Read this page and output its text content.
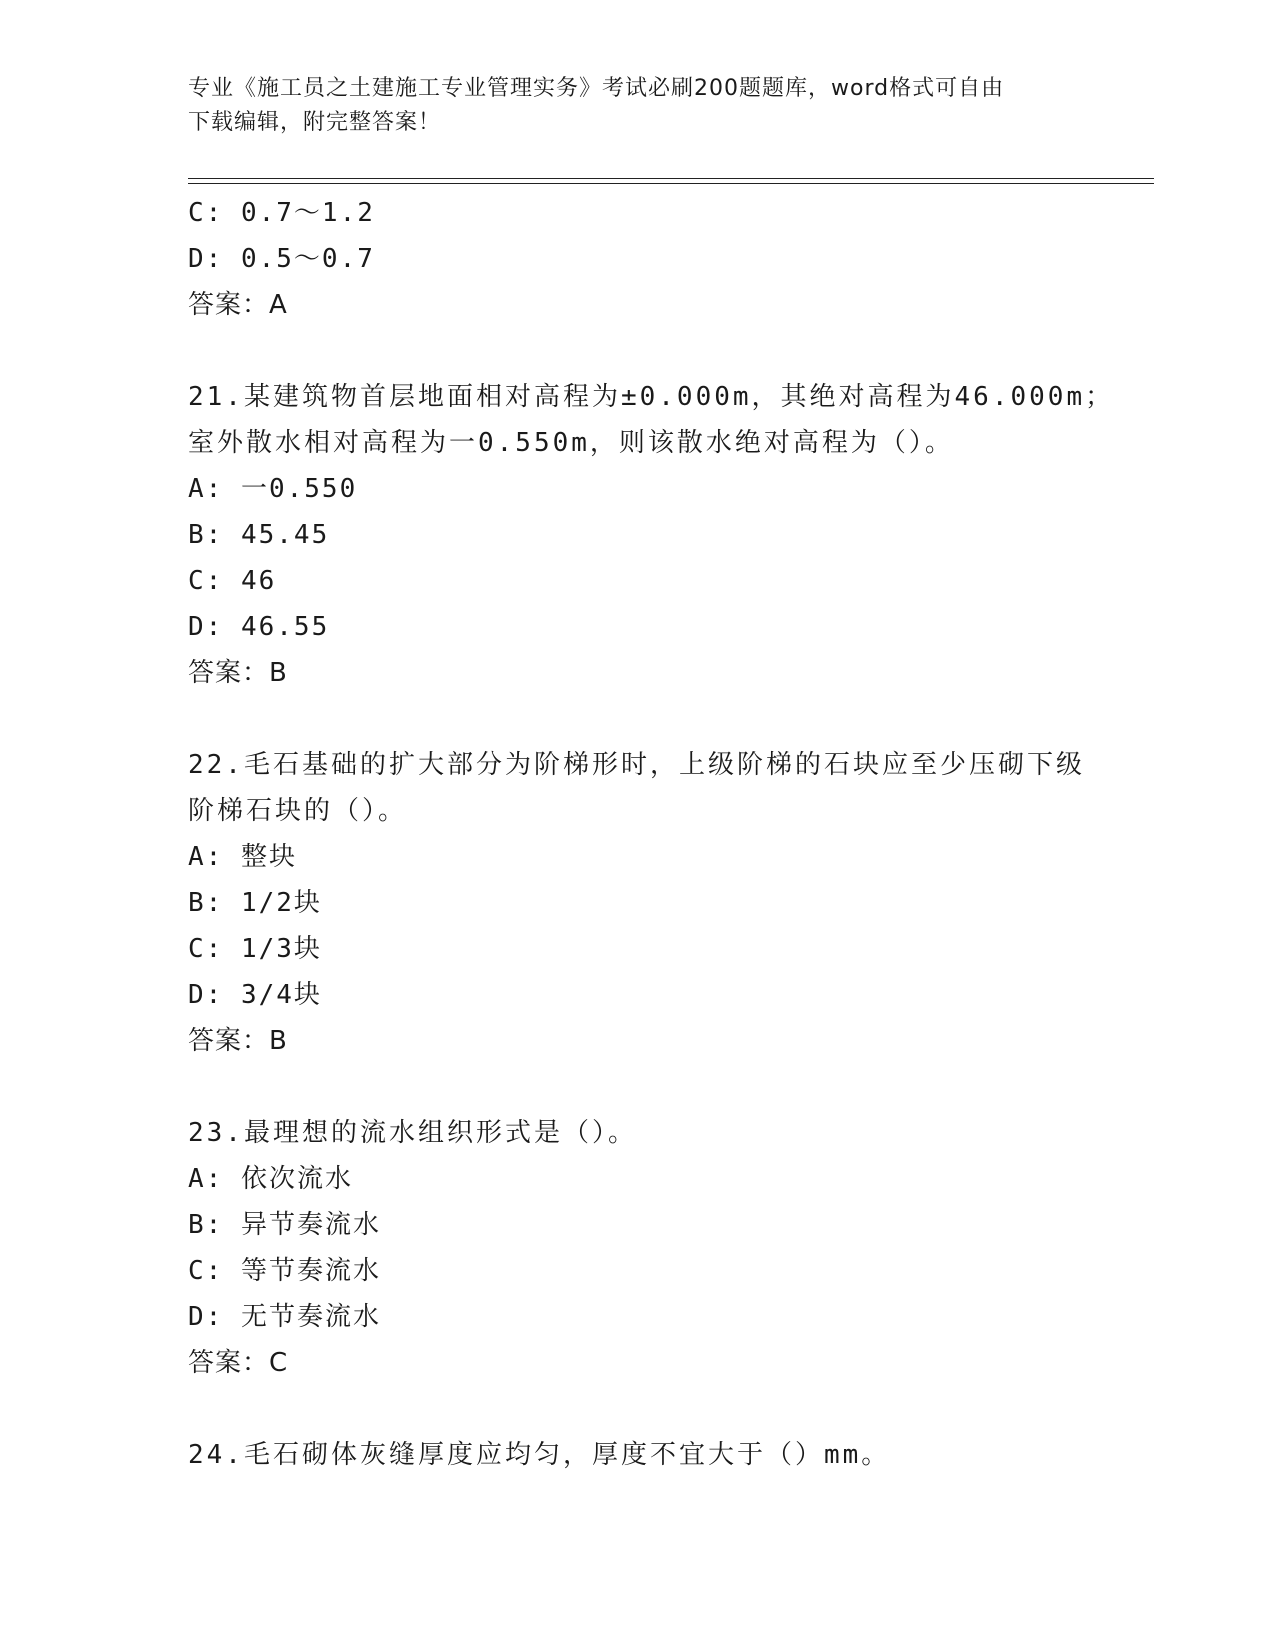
专业《施工员之土建施工专业管理实务》考试必刷200题题库，word格式可自由
下载编辑，附完整答案！
C: 0.7～1.2
D: 0.5～0.7
答案：A
21.某建筑物首层地面相对高程为±0.000m，其绝对高程为46.000m；
室外散水相对高程为一0.550m，则该散水绝对高程为（）。
A: 一0.550
B: 45.45
C: 46
D: 46.55
答案：B
22.毛石基础的扩大部分为阶梯形时，上级阶梯的石块应至少压砌下级
阶梯石块的（）。
A: 整块
B: 1/2块
C: 1/3块
D: 3/4块
答案：B
23.最理想的流水组织形式是（）。
A: 依次流水
B: 异节奏流水
C: 等节奏流水
D: 无节奏流水
答案：C
24.毛石砌体灰缝厚度应均匀，厚度不宜大于（）mm。
